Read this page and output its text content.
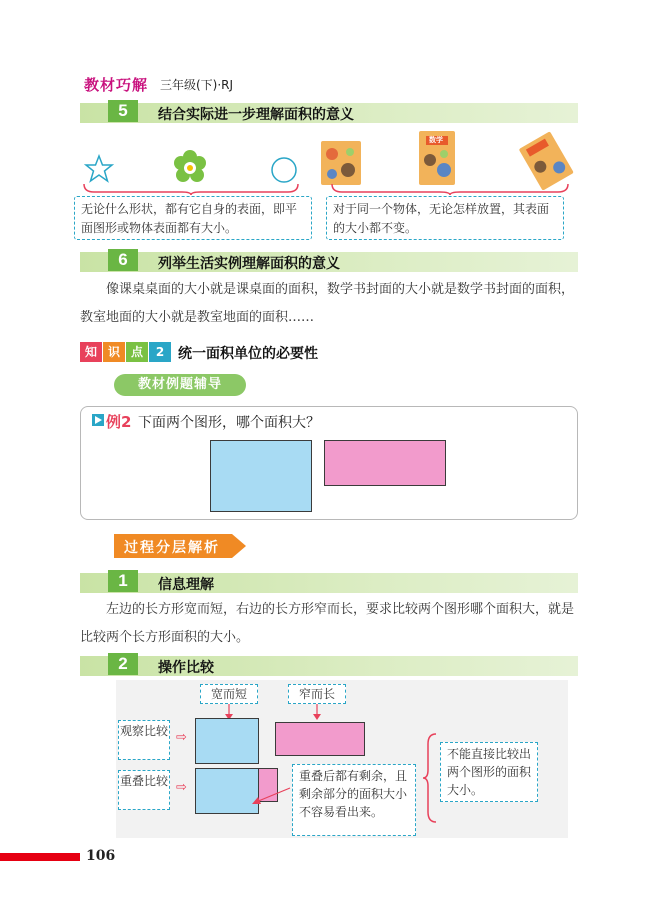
教材巧解 三年级(下)·RJ
5	结合实际进一步理解面积的意义
数学
无论什么形状，都有它自身的表面，即平面图形或物体表面都有大小。
对于同一个物体，无论怎样放置，其表面的大小都不变。
6	列举生活实例理解面积的意义
像课桌桌面的大小就是课桌面的面积，数学书封面的大小就是数学书封面的面积，教室地面的大小就是教室地面的面积……
知 识 点	2 统一面积单位的必要性
教材例题辅导
例2 下面两个图形，哪个面积大？
过程分层解析
1	信息理解
左边的长方形宽而短，右边的长方形窄而长，要求比较两个图形哪个面积大，就是比较两个长方形面积的大小。
2	操作比较
宽而短	窄而长
观察比较 ⇨
重叠比较 ⇨
重叠后都有剩余，且剩余部分的面积大小不容易看出来。
不能直接比较出两个图形的面积大小。
106
